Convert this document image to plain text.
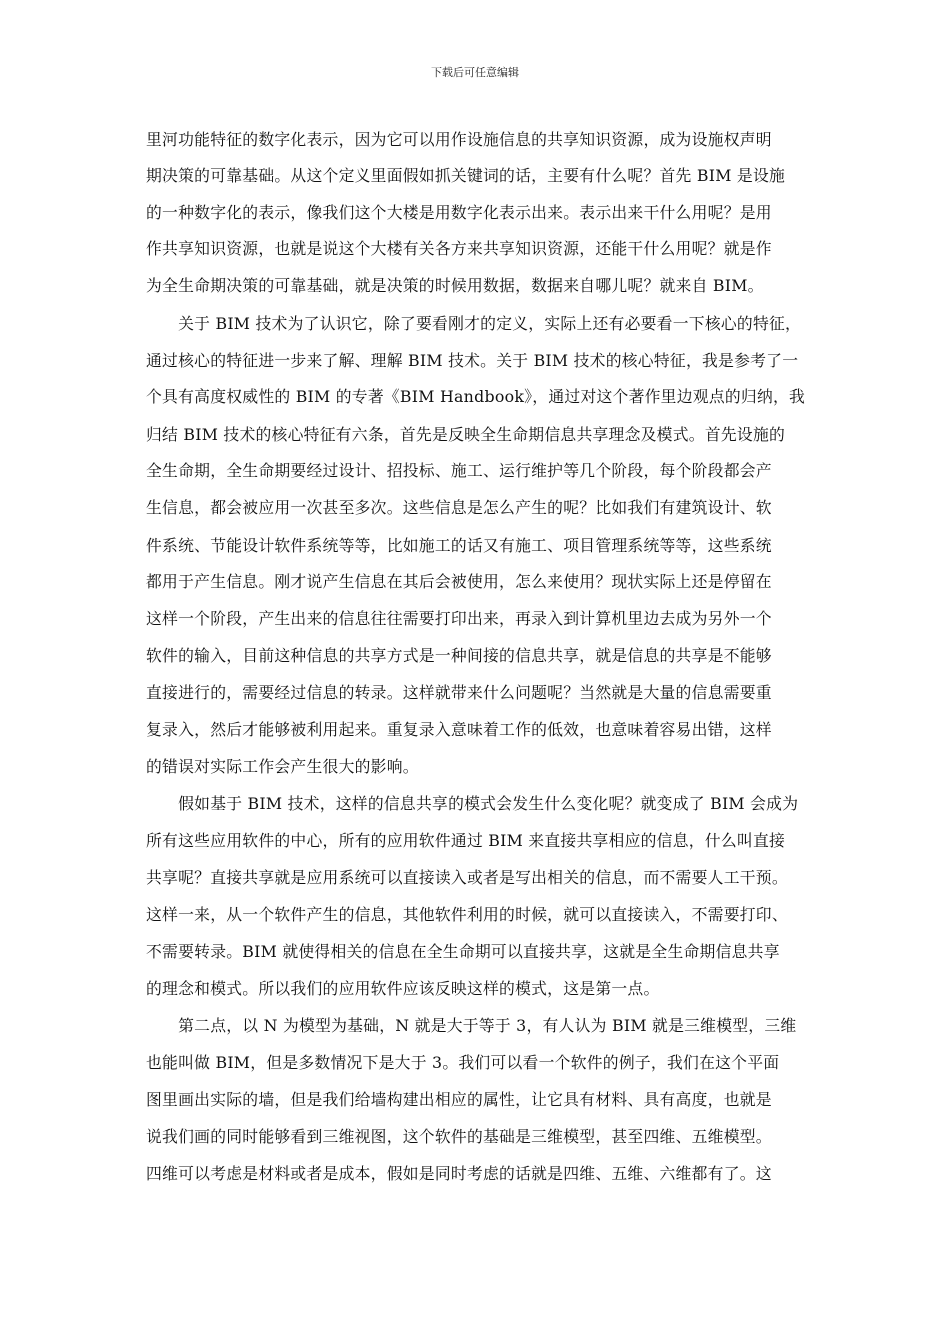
下载后可任意编辑
里河功能特征的数字化表示，因为它可以用作设施信息的共享知识资源，成为设施权声明
期决策的可靠基础。从这个定义里面假如抓关键词的话，主要有什么呢？首先 BIM 是设施
的一种数字化的表示，像我们这个大楼是用数字化表示出来。表示出来干什么用呢？是用
作共享知识资源，也就是说这个大楼有关各方来共享知识资源，还能干什么用呢？就是作
为全生命期决策的可靠基础，就是决策的时候用数据，数据来自哪儿呢？就来自 BIM。
　　关于 BIM 技术为了认识它，除了要看刚才的定义，实际上还有必要看一下核心的特征，
通过核心的特征进一步来了解、理解 BIM 技术。关于 BIM 技术的核心特征，我是参考了一
个具有高度权威性的 BIM 的专著《BIM Handbook》，通过对这个著作里边观点的归纳，我
归结 BIM 技术的核心特征有六条，首先是反映全生命期信息共享理念及模式。首先设施的
全生命期，全生命期要经过设计、招投标、施工、运行维护等几个阶段，每个阶段都会产
生信息，都会被应用一次甚至多次。这些信息是怎么产生的呢？比如我们有建筑设计、软
件系统、节能设计软件系统等等，比如施工的话又有施工、项目管理系统等等，这些系统
都用于产生信息。刚才说产生信息在其后会被使用，怎么来使用？现状实际上还是停留在
这样一个阶段，产生出来的信息往往需要打印出来，再录入到计算机里边去成为另外一个
软件的输入，目前这种信息的共享方式是一种间接的信息共享，就是信息的共享是不能够
直接进行的，需要经过信息的转录。这样就带来什么问题呢？当然就是大量的信息需要重
复录入，然后才能够被利用起来。重复录入意味着工作的低效，也意味着容易出错，这样
的错误对实际工作会产生很大的影响。
　　假如基于 BIM 技术，这样的信息共享的模式会发生什么变化呢？就变成了 BIM 会成为
所有这些应用软件的中心，所有的应用软件通过 BIM 来直接共享相应的信息，什么叫直接
共享呢？直接共享就是应用系统可以直接读入或者是写出相关的信息，而不需要人工干预。
这样一来，从一个软件产生的信息，其他软件利用的时候，就可以直接读入，不需要打印、
不需要转录。BIM 就使得相关的信息在全生命期可以直接共享，这就是全生命期信息共享
的理念和模式。所以我们的应用软件应该反映这样的模式，这是第一点。
　　第二点，以 N 为模型为基础，N 就是大于等于 3，有人认为 BIM 就是三维模型，三维
也能叫做 BIM，但是多数情况下是大于 3。我们可以看一个软件的例子，我们在这个平面
图里画出实际的墙，但是我们给墙构建出相应的属性，让它具有材料、具有高度，也就是
说我们画的同时能够看到三维视图，这个软件的基础是三维模型，甚至四维、五维模型。
四维可以考虑是材料或者是成本，假如是同时考虑的话就是四维、五维、六维都有了。这
